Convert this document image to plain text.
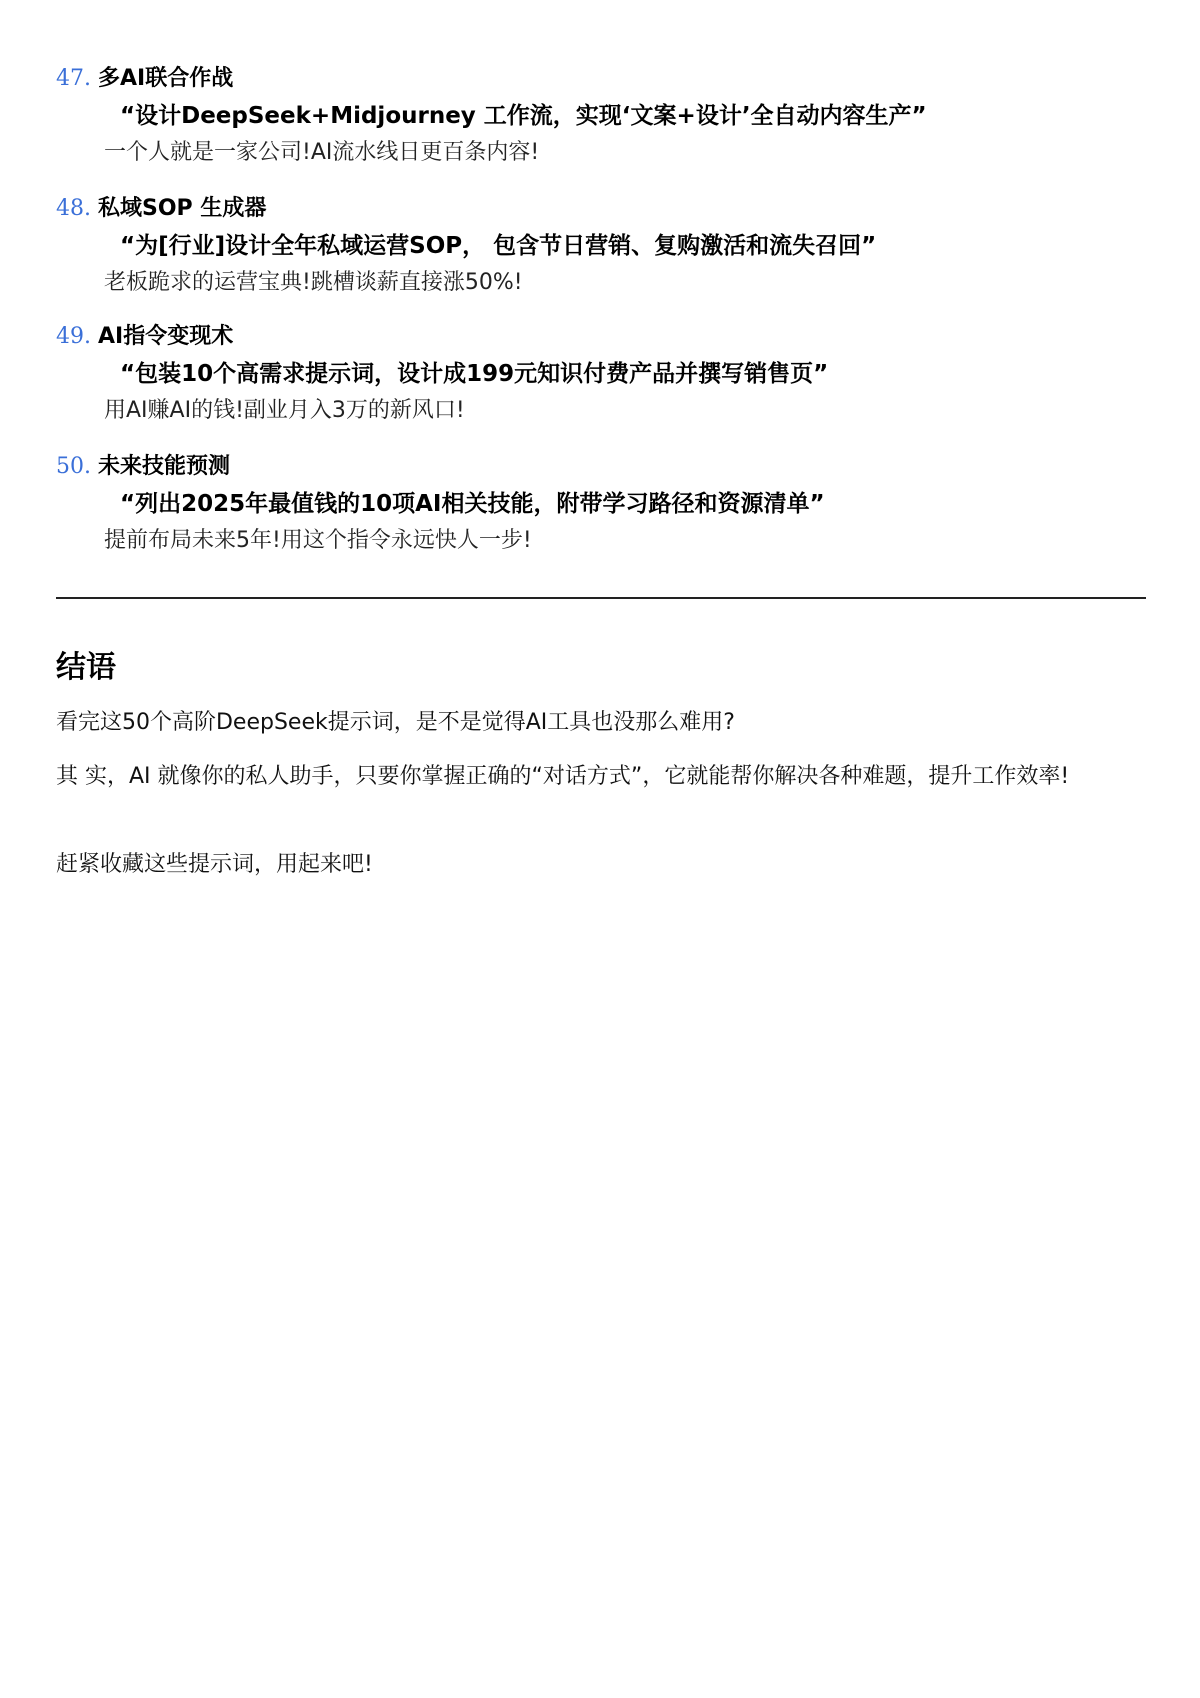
47. 多AI联合作战
“设计DeepSeek+Midjourney 工作流，实现‘文案+设计’全自动内容生产”
一个人就是一家公司!AI流水线日更百条内容!
48. 私域SOP 生成器
“为[行业]设计全年私域运营SOP， 包含节日营销、复购激活和流失召回”
老板跪求的运营宝典!跳槽谈薪直接涨50%!
49. AI指令变现术
“包装10个高需求提示词，设计成199元知识付费产品并撰写销售页”
用AI赚AI的钱!副业月入3万的新风口!
50. 未来技能预测
“列出2025年最值钱的10项AI相关技能，附带学习路径和资源清单”
提前布局未来5年!用这个指令永远快人一步!
结语
看完这50个高阶DeepSeek提示词，是不是觉得AI工具也没那么难用?
其 实，AI 就像你的私人助手，只要你掌握正确的“对话方式”，它就能帮你解决各种难题，提升工作效率!
赶紧收藏这些提示词，用起来吧!
